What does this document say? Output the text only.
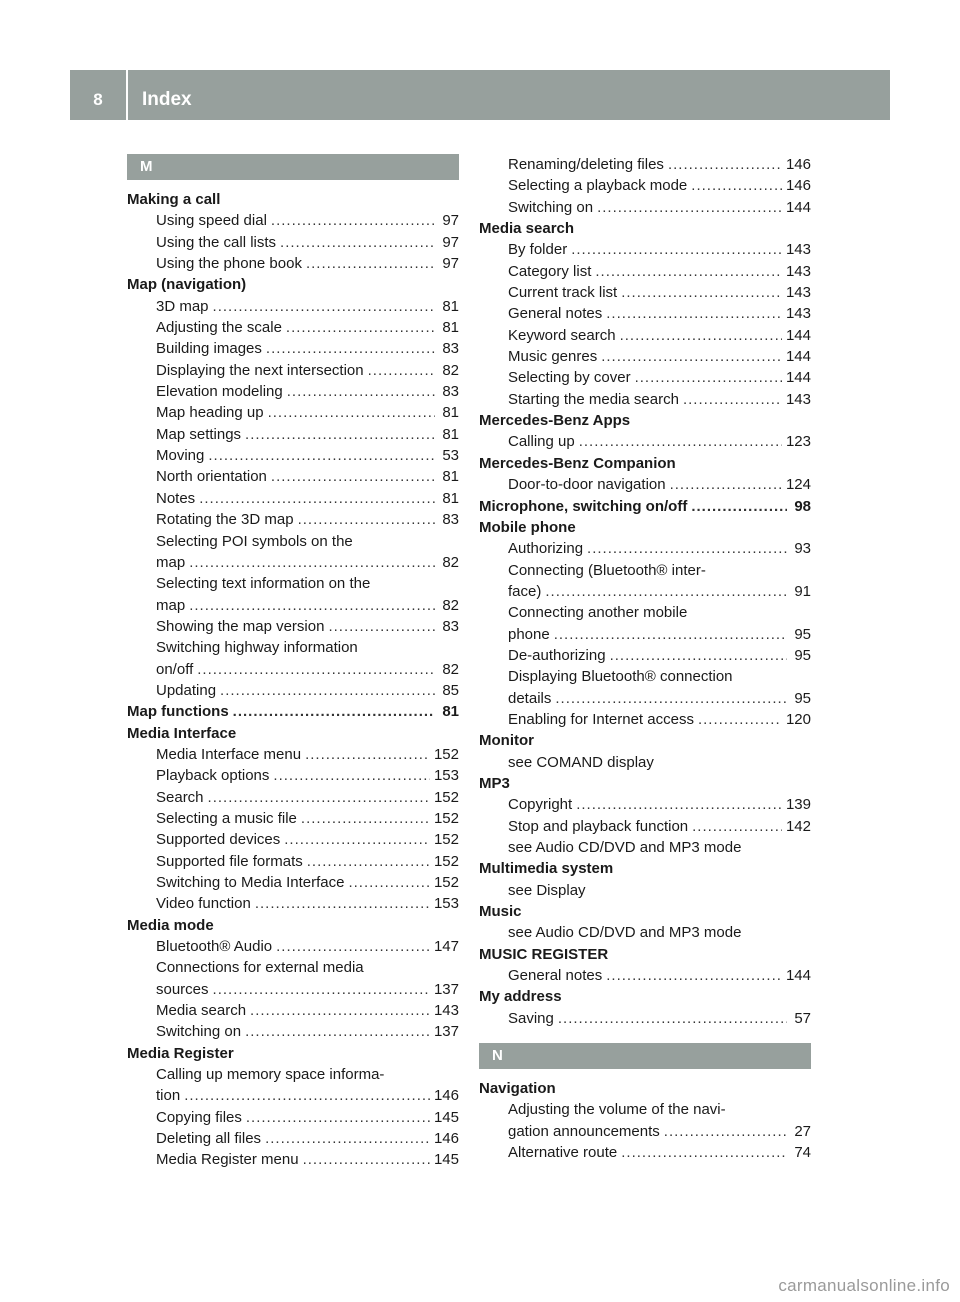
8	Index
M
Making a call
Using speed dial .....	97
Using the call lists .....	97
Using the phone book .....	97
Map (navigation)
3D map .....	81
Adjusting the scale .....	81
Building images .....	83
Displaying the next intersection .....	82
Elevation modeling .....	83
Map heading up .....	81
Map settings .....	81
Moving .....	53
North orientation .....	81
Notes .....	81
Rotating the 3D map .....	83
Selecting POI symbols on the
map .....	82
Selecting text information on the
map .....	82
Showing the map version .....	83
Switching highway information
on/off .....	82
Updating .....	85
Map functions .....	81
Media Interface
Media Interface menu .....	152
Playback options .....	153
Search .....	152
Selecting a music file .....	152
Supported devices .....	152
Supported file formats .....	152
Switching to Media Interface .....	152
Video function .....	153
Media mode
Bluetooth® Audio .....	147
Connections for external media
sources .....	137
Media search .....	143
Switching on .....	137
Media Register
Calling up memory space informa-
tion .....	146
Copying files .....	145
Deleting all files .....	146
Media Register menu .....	145
Renaming/deleting files .....	146
Selecting a playback mode .....	146
Switching on .....	144
Media search
By folder .....	143
Category list .....	143
Current track list .....	143
General notes .....	143
Keyword search .....	144
Music genres .....	144
Selecting by cover .....	144
Starting the media search .....	143
Mercedes-Benz Apps
Calling up .....	123
Mercedes-Benz Companion
Door-to-door navigation .....	124
Microphone, switching on/off .....	98
Mobile phone
Authorizing .....	93
Connecting (Bluetooth® inter-
face) .....	91
Connecting another mobile
phone .....	95
De-authorizing .....	95
Displaying Bluetooth® connection
details .....	95
Enabling for Internet access .....	120
Monitor
see COMAND display
MP3
Copyright .....	139
Stop and playback function .....	142
see Audio CD/DVD and MP3 mode
Multimedia system
see Display
Music
see Audio CD/DVD and MP3 mode
MUSIC REGISTER
General notes .....	144
My address
Saving .....	57
N
Navigation
Adjusting the volume of the navi-
gation announcements .....	27
Alternative route .....	74
carmanualsonline.info
